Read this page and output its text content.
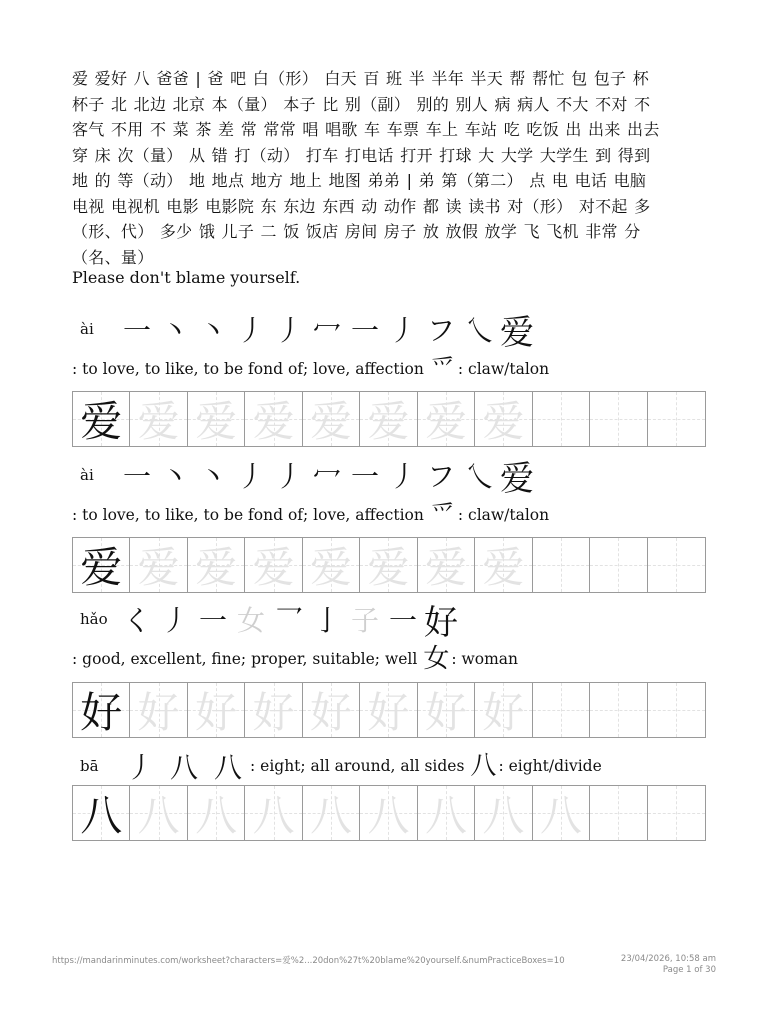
爱 爱好 八 爸爸 | 爸 吧 白（形） 白天 百 班 半 半年 半天 帮 帮忙 包 包子 杯
杯子 北 北边 北京 本（量） 本子 比 别（副） 别的 别人 病 病人 不大 不对 不
客气 不用 不 菜 茶 差 常 常常 唱 唱歌 车 车票 车上 车站 吃 吃饭 出 出来 出去
穿 床 次（量） 从 错 打（动） 打车 打电话 打开 打球 大 大学 大学生 到 得到
地 的 等（动） 地 地点 地方 地上 地图 弟弟 | 弟 第（第二） 点 电 电话 电脑
电视 电视机 电影 电影院 东 东边 东西 动 动作 都 读 读书 对（形） 对不起 多
（形、代） 多少 饿 儿子 二 饭 饭店 房间 房子 放 放假 放学 飞 飞机 非常 分
（名、量）

Please don't blame yourself.

ài	一 丶 丶 丿 丿 冖 一 丿 フ 乀 爱
: to love, to like, to be fond of; love, affection 爫 : claw/talon
爱 爱 爱 爱 爱 爱 爱 爱
ài	一 丶 丶 丿 丿 冖 一 丿 フ 乀 爱
: to love, to like, to be fond of; love, affection 爫 : claw/talon
爱 爱 爱 爱 爱 爱 爱 爱
hǎo く 丿 一 女 乛 亅 子 一 好
: good, excellent, fine; proper, suitable; well 女 : woman
好 好 好 好 好 好 好 好
bā 丿 八 八 : eight; all around, all sides 八 : eight/divide
八 八 八 八 八 八 八 八 八
https://mandarinminutes.com/worksheet?characters=爱%2...20don%27t%20blame%20yourself.&numPracticeBoxes=10	23/04/2026, 10:58 am
Page 1 of 30
